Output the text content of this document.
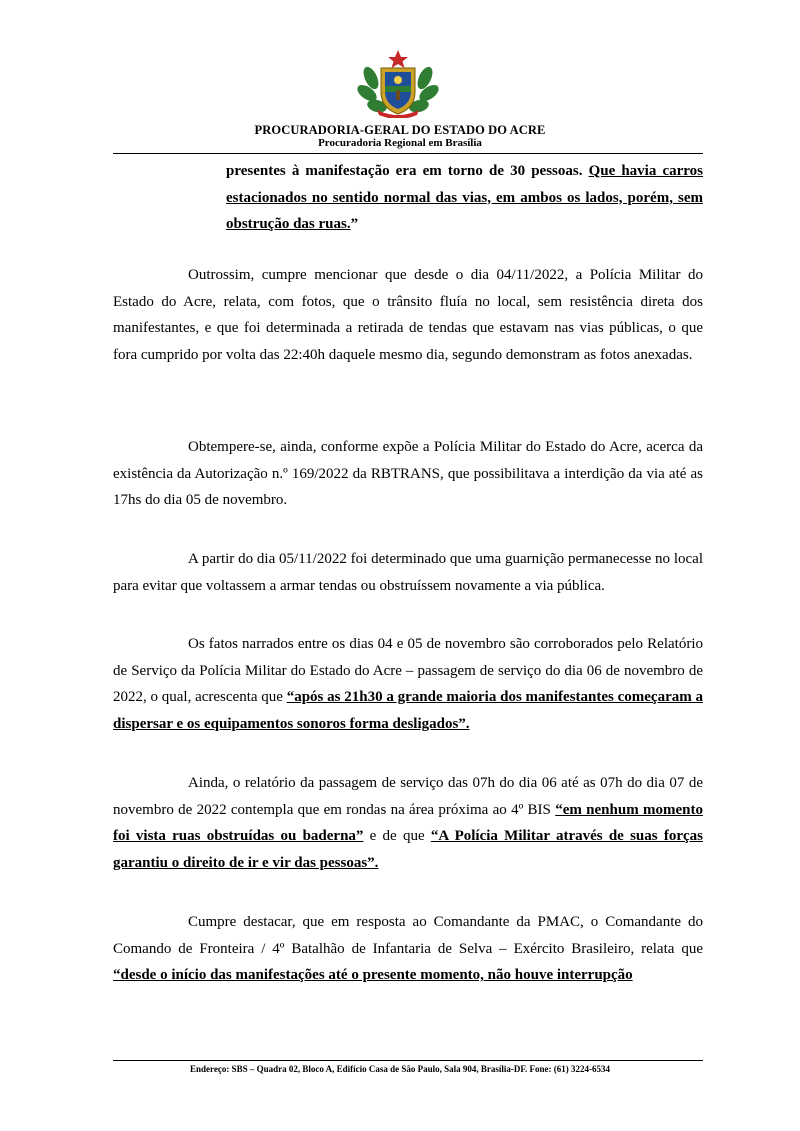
PROCURADORIA-GERAL DO ESTADO DO ACRE
Procuradoria Regional em Brasília
presentes à manifestação era em torno de 30 pessoas. Que havia carros estacionados no sentido normal das vias, em ambos os lados, porém, sem obstrução das ruas.”

Outrossim, cumpre mencionar que desde o dia 04/11/2022, a Polícia Militar do Estado do Acre, relata, com fotos, que o trânsito fluía no local, sem resistência direta dos manifestantes, e que foi determinada a retirada de tendas que estavam nas vias públicas, o que fora cumprido por volta das 22:40h daquele mesmo dia, segundo demonstram as fotos anexadas.

Obtempere-se, ainda, conforme expõe a Polícia Militar do Estado do Acre, acerca da existência da Autorização n.º 169/2022 da RBTRANS, que possibilitava a interdição da via até as 17hs do dia 05 de novembro.

A partir do dia 05/11/2022 foi determinado que uma guarnição permanecesse no local para evitar que voltassem a armar tendas ou obstruíssem novamente a via pública.

Os fatos narrados entre os dias 04 e 05 de novembro são corroborados pelo Relatório de Serviço da Polícia Militar do Estado do Acre – passagem de serviço do dia 06 de novembro de 2022, o qual, acrescenta que “após as 21h30 a grande maioria dos manifestantes começaram a dispersar e os equipamentos sonoros forma desligados”.

Ainda, o relatório da passagem de serviço das 07h do dia 06 até as 07h do dia 07 de novembro de 2022 contempla que em rondas na área próxima ao 4º BIS “em nenhum momento foi vista ruas obstruídas ou baderna” e de que “A Polícia Militar através de suas forças garantiu o direito de ir e vir das pessoas”.

Cumpre destacar, que em resposta ao Comandante da PMAC, o Comandante do Comando de Fronteira / 4º Batalhão de Infantaria de Selva – Exército Brasileiro, relata que “desde o início das manifestações até o presente momento, não houve interrupção

Endereço: SBS – Quadra 02, Bloco A, Edifício Casa de São Paulo, Sala 904, Brasília-DF. Fone: (61) 3224-6534
